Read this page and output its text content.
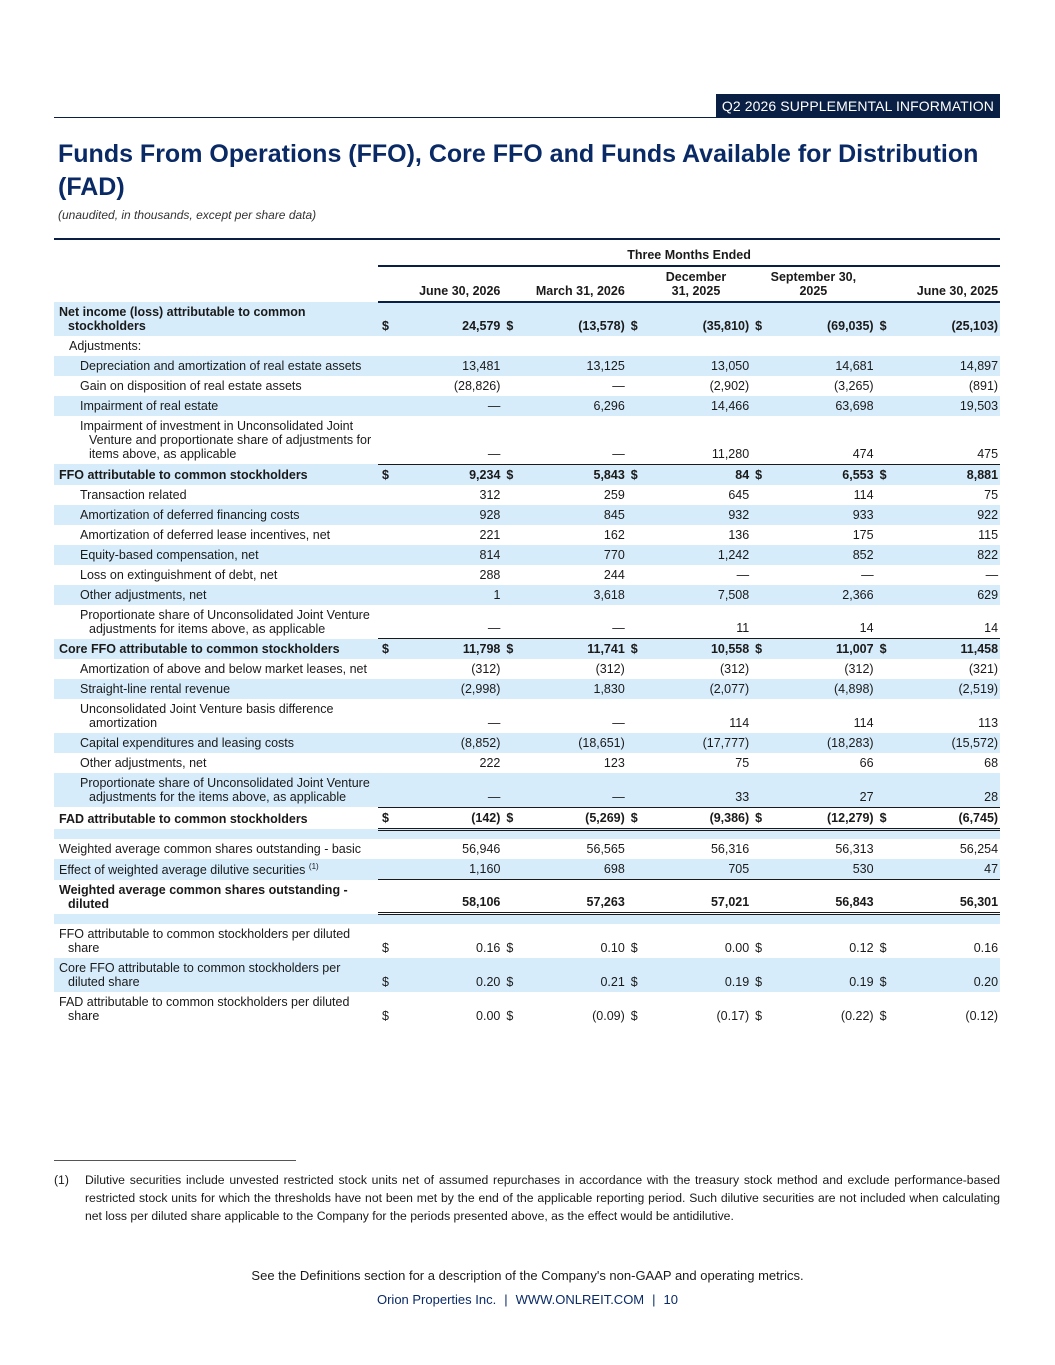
Q2 2026 SUPPLEMENTAL INFORMATION
Funds From Operations (FFO), Core FFO and Funds Available for Distribution (FAD)
(unaudited, in thousands, except per share data)
	Three Months Ended									
	June 30, 2026		March 31, 2026		December 31, 2025		September 30, 2025		June 30, 2025	
Net income (loss) attributable to common stockholders	$	24,579	$	(13,578)	$	(35,810)	$	(69,035)	$	(25,103)
Adjustments:										
Depreciation and amortization of real estate assets		13,481		13,125		13,050		14,681		14,897
Gain on disposition of real estate assets		(28,826)		—		(2,902)		(3,265)		(891)
Impairment of real estate		—		6,296		14,466		63,698		19,503
Impairment of investment in Unconsolidated Joint Venture and proportionate share of adjustments for items above, as applicable		—		—		11,280		474		475
FFO attributable to common stockholders	$	9,234	$	5,843	$	84	$	6,553	$	8,881
Transaction related		312		259		645		114		75
Amortization of deferred financing costs		928		845		932		933		922
Amortization of deferred lease incentives, net		221		162		136		175		115
Equity-based compensation, net		814		770		1,242		852		822
Loss on extinguishment of debt, net		288		244		—		—		—
Other adjustments, net		1		3,618		7,508		2,366		629
Proportionate share of Unconsolidated Joint Venture adjustments for items above, as applicable		—		—		11		14		14
Core FFO attributable to common stockholders	$	11,798	$	11,741	$	10,558	$	11,007	$	11,458
Amortization of above and below market leases, net		(312)		(312)		(312)		(312)		(321)
Straight-line rental revenue		(2,998)		1,830		(2,077)		(4,898)		(2,519)
Unconsolidated Joint Venture basis difference amortization		—		—		114		114		113
Capital expenditures and leasing costs		(8,852)		(18,651)		(17,777)		(18,283)		(15,572)
Other adjustments, net		222		123		75		66		68
Proportionate share of Unconsolidated Joint Venture adjustments for the items above, as applicable		—		—		33		27		28
FAD attributable to common stockholders	$	(142)	$	(5,269)	$	(9,386)	$	(12,279)	$	(6,745)

Weighted average common shares outstanding - basic		56,946		56,565		56,316		56,313		56,254
Effect of weighted average dilutive securities $^{(1)}$		1,160		698		705		530		47
Weighted average common shares outstanding - diluted		58,106		57,263		57,021		56,843		56,301

FFO attributable to common stockholders per diluted share	$	0.16	$	0.10	$	0.00	$	0.12	$	0.16
Core FFO attributable to common stockholders per diluted share	$	0.20	$	0.21	$	0.19	$	0.19	$	0.20
FAD attributable to common stockholders per diluted share	$	0.00	$	(0.09)	$	(0.17)	$	(0.22)	$	(0.12)
(1) Dilutive securities include unvested restricted stock units net of assumed repurchases in accordance with the treasury stock method and exclude performance-based restricted stock units for which the thresholds have not been met by the end of the applicable reporting period. Such dilutive securities are not included when calculating net loss per diluted share applicable to the Company for the periods presented above, as the effect would be antidilutive.
See the Definitions section for a description of the Company's non-GAAP and operating metrics.
Orion Properties Inc. | WWW.ONLREIT.COM | 10
